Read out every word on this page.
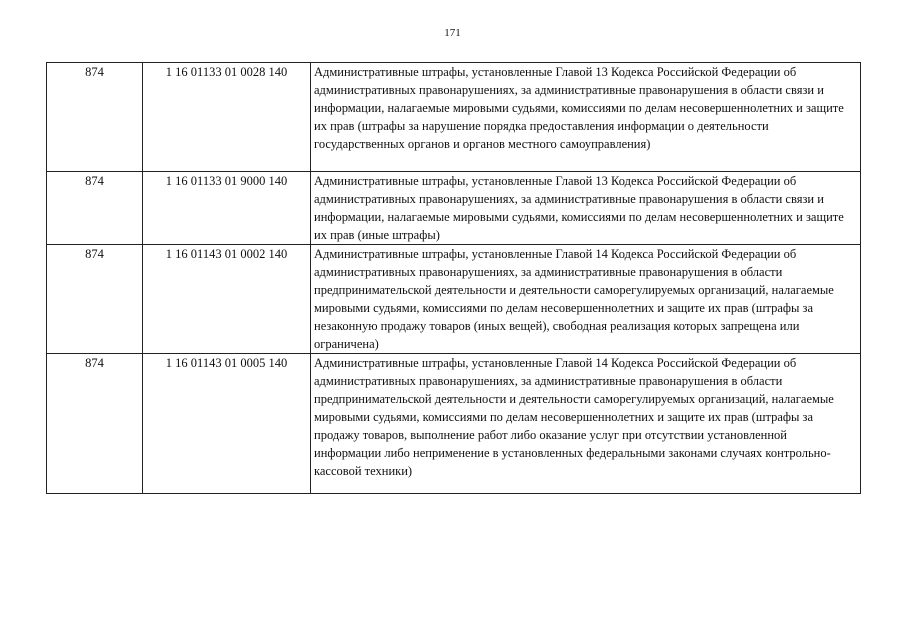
171
874	1 16 01133 01 0028 140	Административные штрафы, установленные Главой 13 Кодекса Российской Федерации об административных правонарушениях, за административные правонарушения в области связи и информации, налагаемые мировыми судьями, комиссиями по делам несовершеннолетних и защите их прав (штрафы за нарушение порядка предоставления информации о деятельности государственных органов и органов местного самоуправления)
874	1 16 01133 01 9000 140	Административные штрафы, установленные Главой 13 Кодекса Российской Федерации об административных правонарушениях, за административные правонарушения в области связи и информации, налагаемые мировыми судьями, комиссиями по делам несовершеннолетних и защите их прав (иные штрафы)
874	1 16 01143 01 0002 140	Административные штрафы, установленные Главой 14 Кодекса Российской Федерации об административных правонарушениях, за административные правонарушения в области предпринимательской деятельности и деятельности саморегулируемых организаций, налагаемые мировыми судьями, комиссиями по делам несовершеннолетних и защите их прав (штрафы за незаконную продажу товаров (иных вещей), свободная реализация которых запрещена или ограничена)
874	1 16 01143 01 0005 140	Административные штрафы, установленные Главой 14 Кодекса Российской Федерации об административных правонарушениях, за административные правонарушения в области предпринимательской деятельности и деятельности саморегулируемых организаций, налагаемые мировыми судьями, комиссиями по делам несовершеннолетних и защите их прав (штрафы за продажу товаров, выполнение работ либо оказание услуг при отсутствии установленной информации либо неприменение в установленных федеральными законами случаях контрольно-кассовой техники)
